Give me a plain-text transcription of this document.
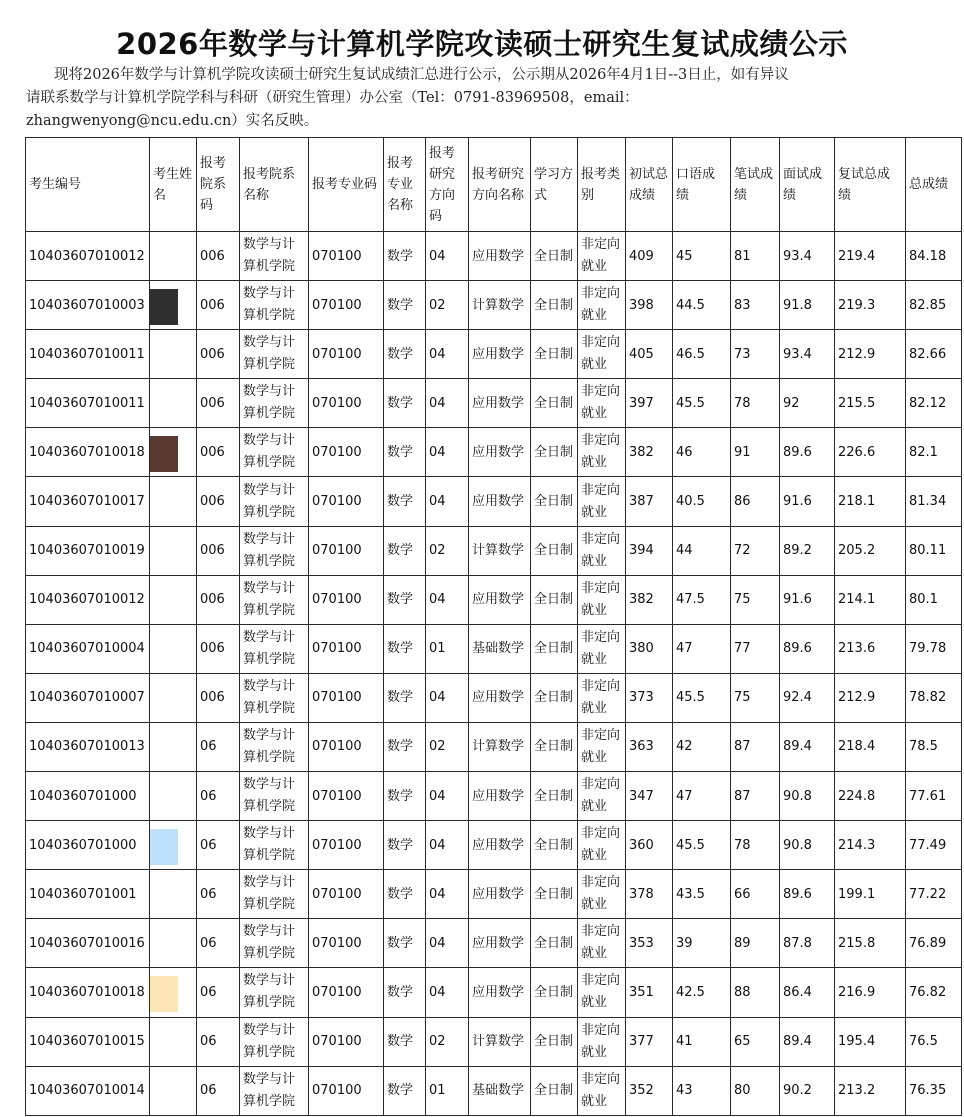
2026年数学与计算机学院攻读硕士研究生复试成绩公示
现将2026年数学与计算机学院攻读硕士研究生复试成绩汇总进行公示，公示期从2026年4月1日--3日止，如有异议
请联系数学与计算机学院学科与科研（研究生管理）办公室（Tel：0791-83969508，email：
zhangwenyong@ncu.edu.cn）实名反映。
考生编号	考生姓名	报考院系码	报考院系名称	报考专业码	报考专业名称	报考研究方向码	报考研究方向名称	学习方式	报考类别	初试总成绩	口语成绩	笔试成绩	面试成绩	复试总成绩	总成绩
10403607010012 		006	数学与计算机学院	070100	数学	04	应用数学	全日制	非定向就业	409	45	81	93.4	219.4	84.18
10403607010003 		006	数学与计算机学院	070100	数学	02	计算数学	全日制	非定向就业	398	44.5	83	91.8	219.3	82.85
10403607010011 		006	数学与计算机学院	070100	数学	04	应用数学	全日制	非定向就业	405	46.5	73	93.4	212.9	82.66
10403607010011 		006	数学与计算机学院	070100	数学	04	应用数学	全日制	非定向就业	397	45.5	78	92	215.5	82.12
10403607010018 		006	数学与计算机学院	070100	数学	04	应用数学	全日制	非定向就业	382	46	91	89.6	226.6	82.1
10403607010017 		006	数学与计算机学院	070100	数学	04	应用数学	全日制	非定向就业	387	40.5	86	91.6	218.1	81.34
10403607010019 		006	数学与计算机学院	070100	数学	02	计算数学	全日制	非定向就业	394	44	72	89.2	205.2	80.11
10403607010012 		006	数学与计算机学院	070100	数学	04	应用数学	全日制	非定向就业	382	47.5	75	91.6	214.1	80.1
10403607010004 		006	数学与计算机学院	070100	数学	01	基础数学	全日制	非定向就业	380	47	77	89.6	213.6	79.78
10403607010007 		006	数学与计算机学院	070100	数学	04	应用数学	全日制	非定向就业	373	45.5	75	92.4	212.9	78.82
10403607010013		06	数学与计算机学院	070100	数学	02	计算数学	全日制	非定向就业	363	42	87	89.4	218.4	78.5
1040360701000		06	数学与计算机学院	070100	数学	04	应用数学	全日制	非定向就业	347	47	87	90.8	224.8	77.61
1040360701000		06	数学与计算机学院	070100	数学	04	应用数学	全日制	非定向就业	360	45.5	78	90.8	214.3	77.49
1040360701001		06	数学与计算机学院	070100	数学	04	应用数学	全日制	非定向就业	378	43.5	66	89.6	199.1	77.22
10403607010016		06	数学与计算机学院	070100	数学	04	应用数学	全日制	非定向就业	353	39	89	87.8	215.8	76.89
10403607010018 		06	数学与计算机学院	070100	数学	04	应用数学	全日制	非定向就业	351	42.5	88	86.4	216.9	76.82
10403607010015		06	数学与计算机学院	070100	数学	02	计算数学	全日制	非定向就业	377	41	65	89.4	195.4	76.5
10403607010014		06	数学与计算机学院	070100	数学	01	基础数学	全日制	非定向就业	352	43	80	90.2	213.2	76.35
